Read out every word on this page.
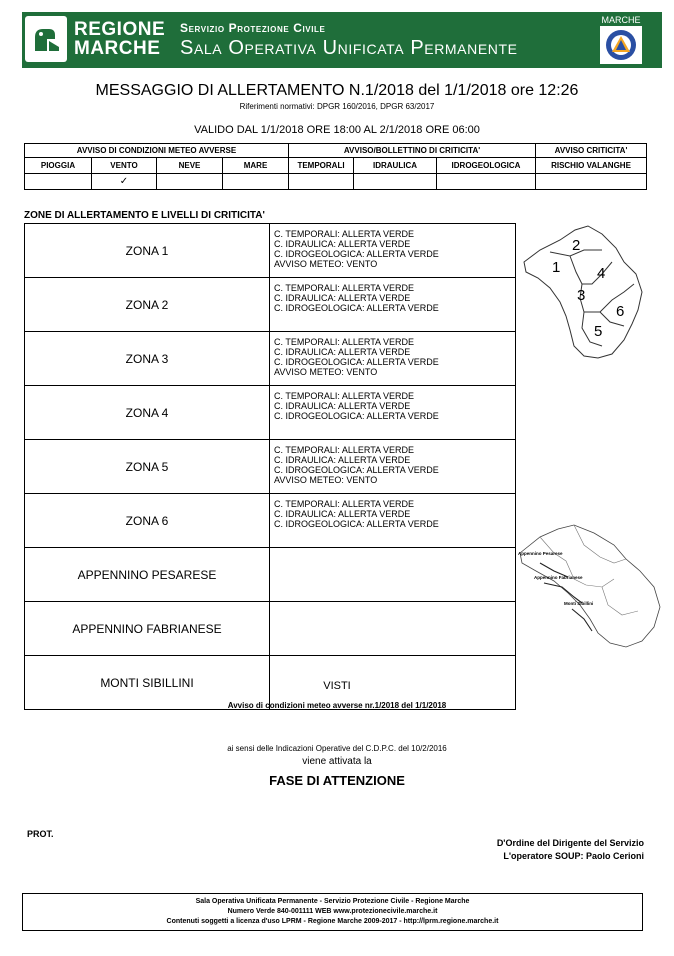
REGIONE
MARCHE
Servizio Protezione Civile
Sala Operativa Unificata Permanente
MARCHE
MESSAGGIO DI ALLERTAMENTO N.1/2018 del 1/1/2018 ore 12:26
Riferimenti normativi: DPGR 160/2016, DPGR 63/2017
VALIDO DAL 1/1/2018 ORE 18:00 AL 2/1/2018 ORE 06:00
AVVISO DI CONDIZIONI METEO AVVERSE				AVVISO/BOLLETTINO DI CRITICITA'			AVVISO CRITICITA'
PIOGGIA	VENTO	NEVE	MARE	TEMPORALI	IDRAULICA	IDROGEOLOGICA	RISCHIO VALANGHE
	✓						
ZONE DI ALLERTAMENTO E LIVELLI DI CRITICITA'
ZONA 1	C. TEMPORALI: ALLERTA VERDE
C. IDRAULICA: ALLERTA VERDE
C. IDROGEOLOGICA: ALLERTA VERDE
AVVISO METEO: VENTO

ZONA 2	C. TEMPORALI: ALLERTA VERDE
C. IDRAULICA: ALLERTA VERDE
C. IDROGEOLOGICA: ALLERTA VERDE

ZONA 3	C. TEMPORALI: ALLERTA VERDE
C. IDRAULICA: ALLERTA VERDE
C. IDROGEOLOGICA: ALLERTA VERDE
AVVISO METEO: VENTO

ZONA 4	C. TEMPORALI: ALLERTA VERDE
C. IDRAULICA: ALLERTA VERDE
C. IDROGEOLOGICA: ALLERTA VERDE

ZONA 5	C. TEMPORALI: ALLERTA VERDE
C. IDRAULICA: ALLERTA VERDE
C. IDROGEOLOGICA: ALLERTA VERDE
AVVISO METEO: VENTO

ZONA 6	C. TEMPORALI: ALLERTA VERDE
C. IDRAULICA: ALLERTA VERDE
C. IDROGEOLOGICA: ALLERTA VERDE

APPENNINO PESARESE	
APPENNINO FABRIANESE	
MONTI SIBILLINI	
1
2
3
4
5
6
Appennino Pesarese
Appennino Fabrianese
Monti Sibillini
VISTI
Avviso di condizioni meteo avverse nr.1/2018 del 1/1/2018
ai sensi delle Indicazioni Operative del C.D.P.C. del 10/2/2016
viene attivata la
FASE DI ATTENZIONE
PROT.
D'Ordine del Dirigente del Servizio
L'operatore SOUP: Paolo Cerioni
Sala Operativa Unificata Permanente - Servizio Protezione Civile - Regione Marche
Numero Verde 840-001111 WEB www.protezionecivile.marche.it
Contenuti soggetti a licenza d'uso LPRM - Regione Marche 2009-2017 - http://lprm.regione.marche.it
